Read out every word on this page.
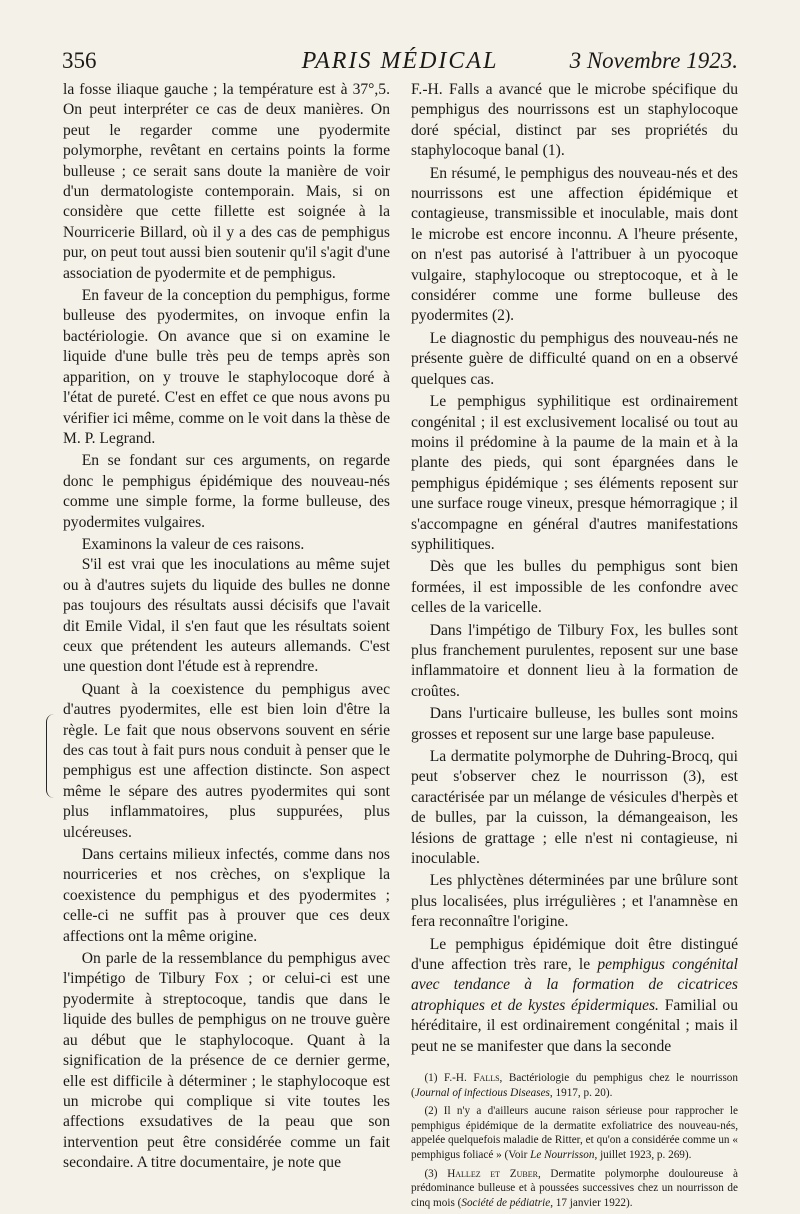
356	PARIS MÉDICAL	3 Novembre 1923.

la fosse iliaque gauche ; la température est à 37°,5. On peut interpréter ce cas de deux manières. On peut le regarder comme une pyodermite polymorphe, revêtant en certains points la forme bulleuse ; ce serait sans doute la manière de voir d'un dermatologiste contemporain. Mais, si on considère que cette fillette est soignée à la Nourricerie Billard, où il y a des cas de pemphigus pur, on peut tout aussi bien soutenir qu'il s'agit d'une association de pyodermite et de pemphigus.

En faveur de la conception du pemphigus, forme bulleuse des pyodermites, on invoque enfin la bactériologie. On avance que si on examine le liquide d'une bulle très peu de temps après son apparition, on y trouve le staphylocoque doré à l'état de pureté. C'est en effet ce que nous avons pu vérifier ici même, comme on le voit dans la thèse de M. P. Legrand.

En se fondant sur ces arguments, on regarde donc le pemphigus épidémique des nouveau-nés comme une simple forme, la forme bulleuse, des pyodermites vulgaires.

Examinons la valeur de ces raisons.

S'il est vrai que les inoculations au même sujet ou à d'autres sujets du liquide des bulles ne donne pas toujours des résultats aussi décisifs que l'avait dit Emile Vidal, il s'en faut que les résultats soient ceux que prétendent les auteurs allemands. C'est une question dont l'étude est à reprendre.

Quant à la coexistence du pemphigus avec d'autres pyodermites, elle est bien loin d'être la règle. Le fait que nous observons souvent en série des cas tout à fait purs nous conduit à penser que le pemphigus est une affection distincte. Son aspect même le sépare des autres pyodermites qui sont plus inflammatoires, plus suppurées, plus ulcéreuses.

Dans certains milieux infectés, comme dans nos nourriceries et nos crèches, on s'explique la coexistence du pemphigus et des pyodermites ; celle-ci ne suffit pas à prouver que ces deux affections ont la même origine.

On parle de la ressemblance du pemphigus avec l'impétigo de Tilbury Fox ; or celui-ci est une pyodermite à streptocoque, tandis que dans le liquide des bulles de pemphigus on ne trouve guère au début que le staphylocoque. Quant à la signification de la présence de ce dernier germe, elle est difficile à déterminer ; le staphylocoque est un microbe qui complique si vite toutes les affections exsudatives de la peau que son intervention peut être considérée comme un fait secondaire. A titre documentaire, je note que

F.-H. Falls a avancé que le microbe spécifique du pemphigus des nourrissons est un staphylocoque doré spécial, distinct par ses propriétés du staphylocoque banal (1).

En résumé, le pemphigus des nouveau-nés et des nourrissons est une affection épidémique et contagieuse, transmissible et inoculable, mais dont le microbe est encore inconnu. A l'heure présente, on n'est pas autorisé à l'attribuer à un pyocoque vulgaire, staphylocoque ou streptocoque, et à le considérer comme une forme bulleuse des pyodermites (2).

Le diagnostic du pemphigus des nouveau-nés ne présente guère de difficulté quand on en a observé quelques cas.

Le pemphigus syphilitique est ordinairement congénital ; il est exclusivement localisé ou tout au moins il prédomine à la paume de la main et à la plante des pieds, qui sont épargnées dans le pemphigus épidémique ; ses éléments reposent sur une surface rouge vineux, presque hémorragique ; il s'accompagne en général d'autres manifestations syphilitiques.

Dès que les bulles du pemphigus sont bien formées, il est impossible de les confondre avec celles de la varicelle.

Dans l'impétigo de Tilbury Fox, les bulles sont plus franchement purulentes, reposent sur une base inflammatoire et donnent lieu à la formation de croûtes.

Dans l'urticaire bulleuse, les bulles sont moins grosses et reposent sur une large base papuleuse.

La dermatite polymorphe de Duhring-Brocq, qui peut s'observer chez le nourrisson (3), est caractérisée par un mélange de vésicules d'herpès et de bulles, par la cuisson, la démangeaison, les lésions de grattage ; elle n'est ni contagieuse, ni inoculable.

Les phlyctènes déterminées par une brûlure sont plus localisées, plus irrégulières ; et l'anamnèse en fera reconnaître l'origine.

Le pemphigus épidémique doit être distingué d'une affection très rare, le pemphigus congénital avec tendance à la formation de cicatrices atrophiques et de kystes épidermiques. Familial ou héréditaire, il est ordinairement congénital ; mais il peut ne se manifester que dans la seconde

(1) F.-H. Falls, Bactériologie du pemphigus chez le nourrisson (Journal of infectious Diseases, 1917, p. 20).

(2) Il n'y a d'ailleurs aucune raison sérieuse pour rapprocher le pemphigus épidémique de la dermatite exfoliatrice des nouveau-nés, appelée quelquefois maladie de Ritter, et qu'on a considérée comme un « pemphigus foliacé » (Voir Le Nourrisson, juillet 1923, p. 269).

(3) Hallez et Zuber, Dermatite polymorphe douloureuse à prédominance bulleuse et à poussées successives chez un nourrisson de cinq mois (Société de pédiatrie, 17 janvier 1922).
